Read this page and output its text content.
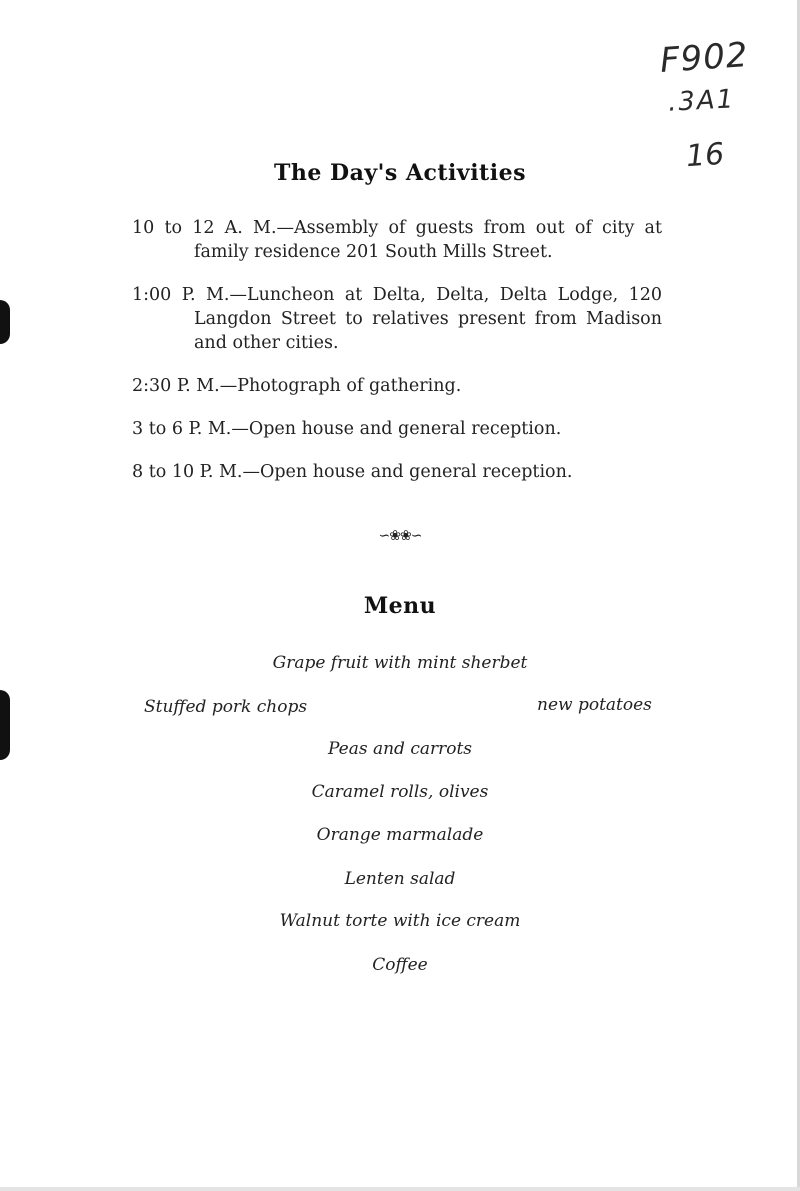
F902
.3A1
16
The Day's Activities
10 to 12 A. M.—Assembly of guests from out of city at family residence 201 South Mills Street.
1:00 P. M.—Luncheon at Delta, Delta, Delta Lodge, 120 Langdon Street to relatives present from Madison and other cities.
2:30 P. M.—Photograph of gathering.
3 to 6 P. M.—Open house and general reception.
8 to 10 P. M.—Open house and general reception.
∽❀❀∽
Menu
Grape fruit with mint sherbet
Stuffed pork chops	new potatoes
Peas and carrots
Caramel rolls, olives
Orange marmalade
Lenten salad
Walnut torte with ice cream
Coffee
